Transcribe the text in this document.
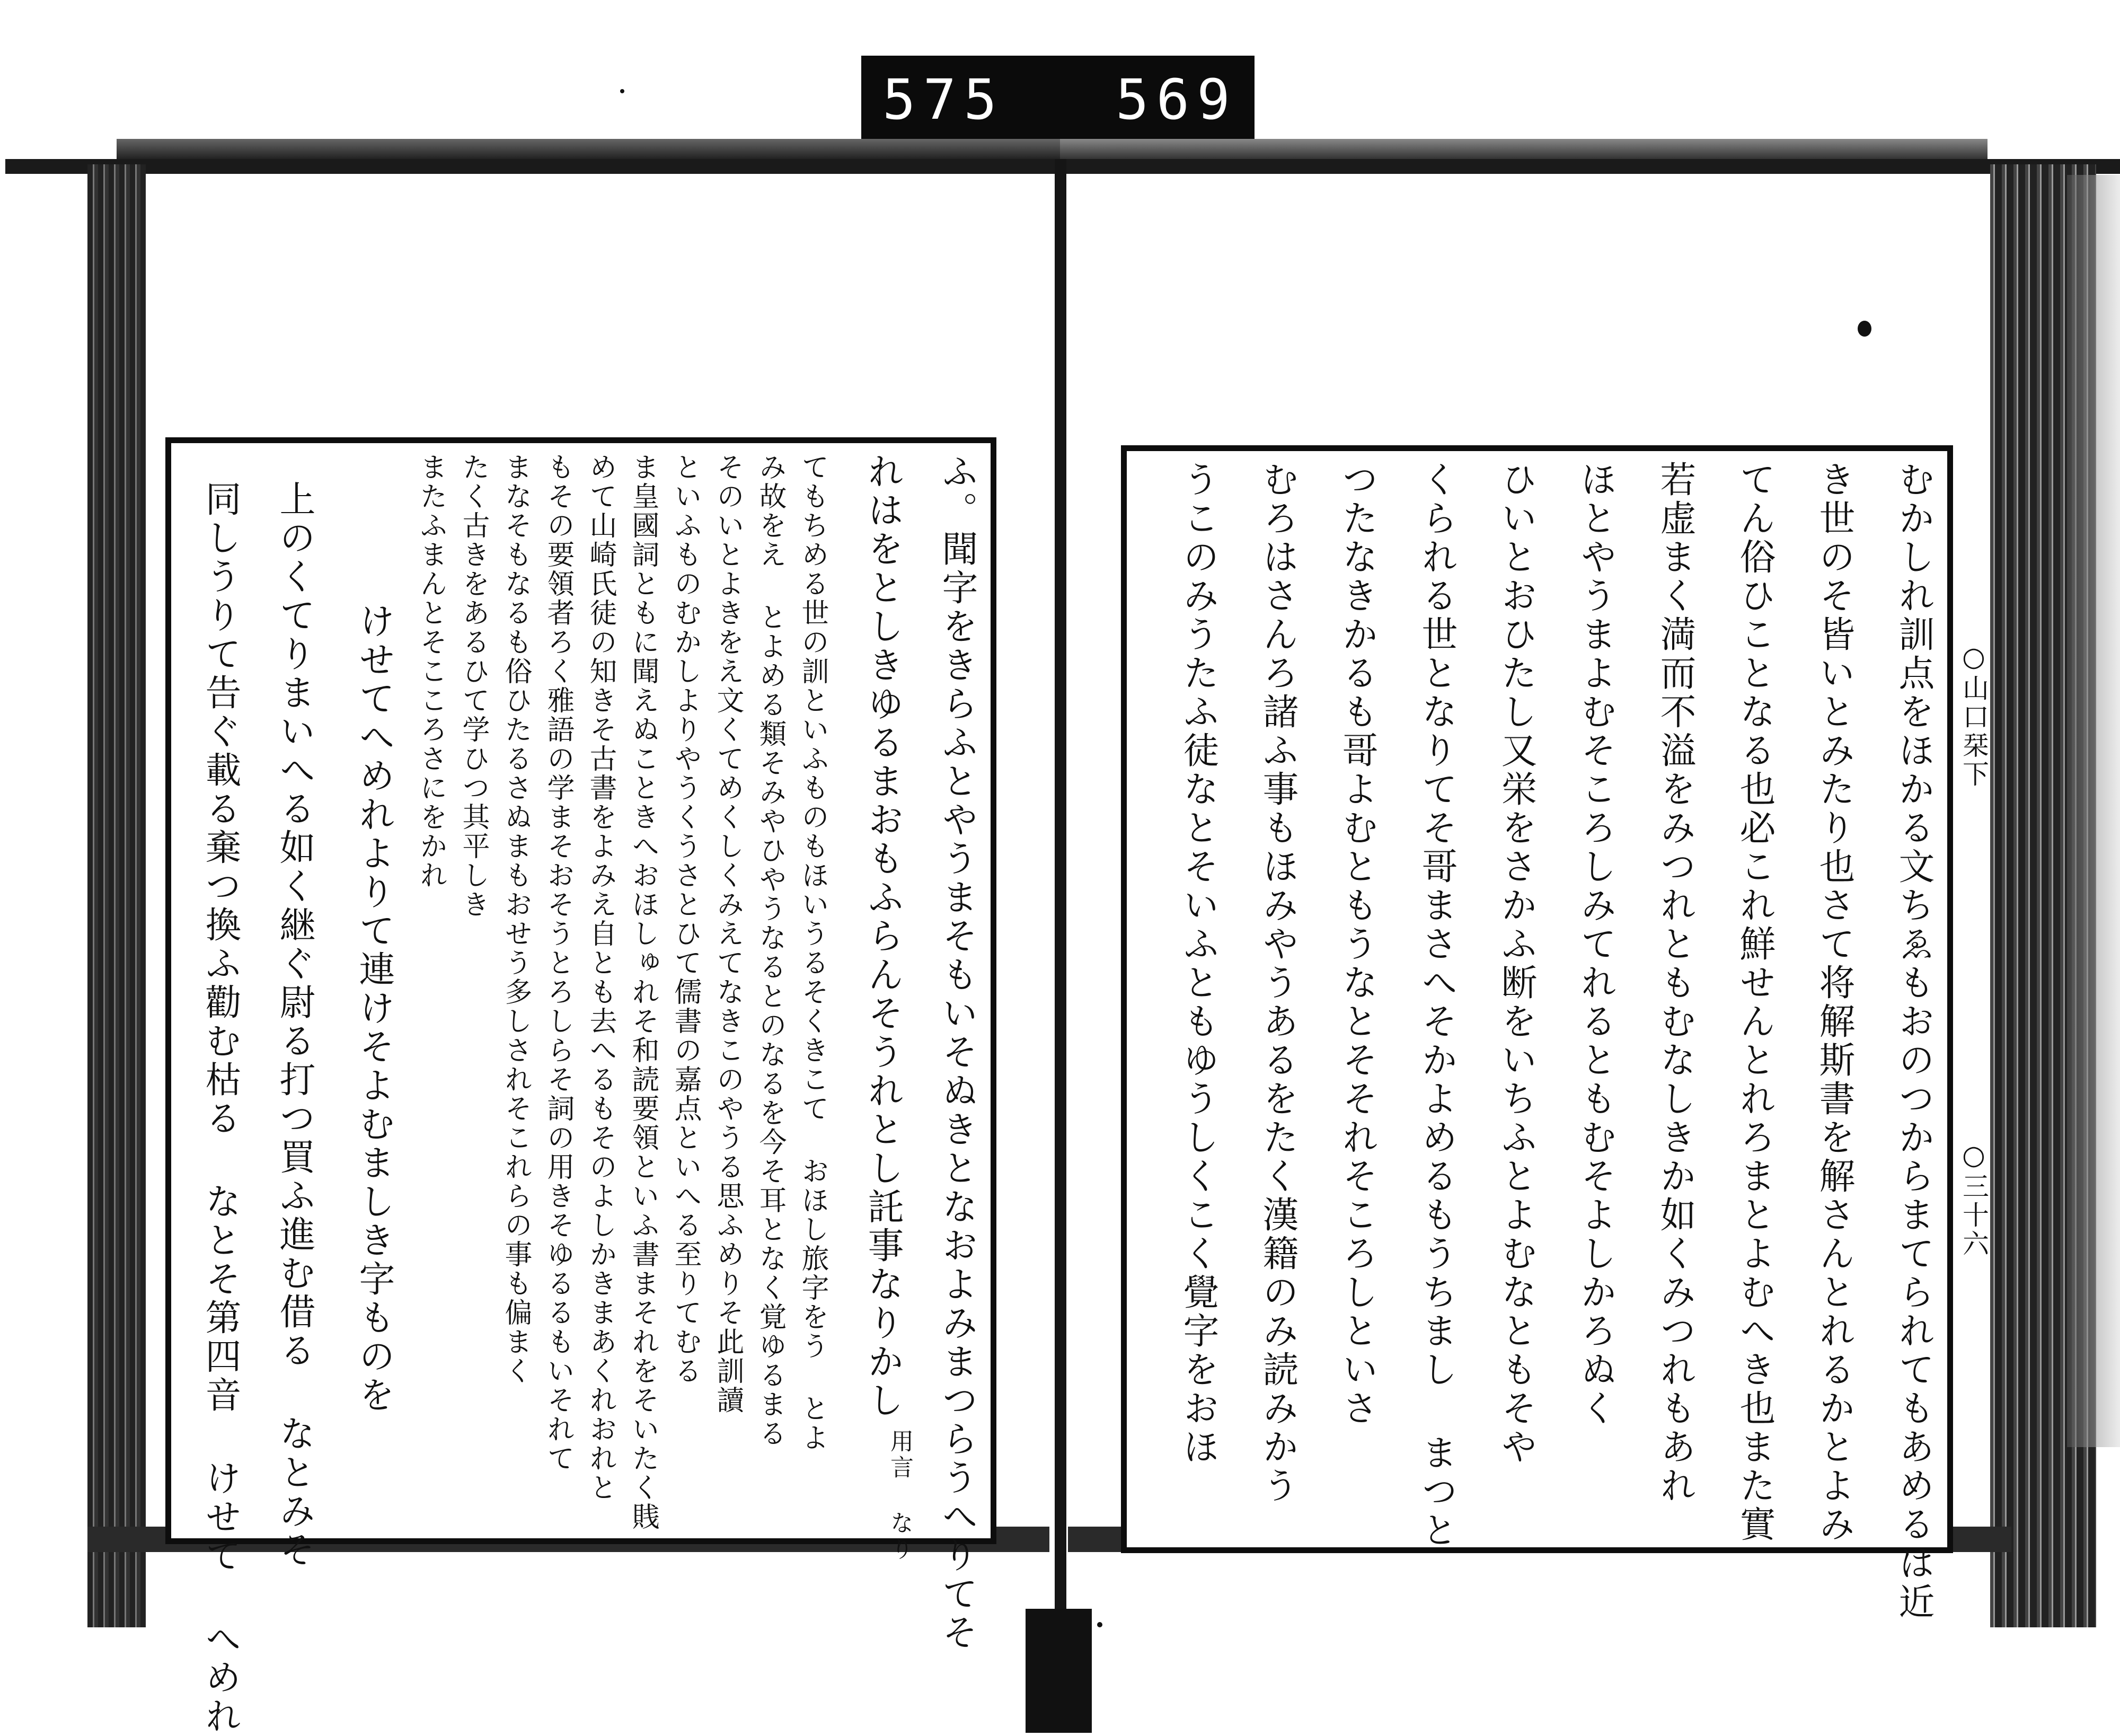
575 569
○山口栞下
○三十六
むかしれ訓点をほかる文ちゑもおのつからまてられてもあめるは近
き世のそ皆いとみたり也さて将解斯書を解さんとれるかとよみ
てん俗ひことなる也必これ鮮せんとれろまとよむへき也また實
若虚まく満而不溢をみつれともむなしきか如くみつれもあれ
ほとやうまよむそころしみてれるともむそよしかろぬく
ひいとおひたし又栄をさかふ断をいちふとよむなともそや
くられる世となりてそ哥まさへそかよめるもうちまし まつと
つたなきかるも哥よむともうなとそそれそころしといさ
むろはさんろ諸ふ事もほみやうあるをたく漢籍のみ読みかう
うこのみうたふ徒なとそいふともゆうしくこく覺字をおほ
ふ。聞字をきらふとやうまそもいそぬきとなおよみまつらうへりてそ
れはをとしきゆるまおもふらんそうれとし託事なりかし
用言 なり
てもちめる世の訓といふものもほいうるそくきこて おほし旅字をう とよ
み故をえ とよめる類そみやひやうなるとのなるを今そ耳となく覚ゆるまる
そのいとよきをえ文くてめくしくみえてなきこのやうる思ふめりそ此訓讀
といふものむかしよりやうくうさとひて儒書の嘉点といへる至りてむる
ま皇國詞ともに聞えぬこときへおほしゅれそ和読要領といふ書まそれをそいたく賎
めて山崎氏徒の知きそ古書をよみえ自とも去へるもそのよしかきまあくれおれと
もその要領者ろく雅語の学まそおそうとろしらそ詞の用きそゆるるもいそれて
まなそもなるも俗ひたるさぬまもおせう多しされそこれらの事も偏まく
たく古きをあるひて学ひつ其平しき
またふまんとそこころさにをかれ
けせてへめれよりて連けそよむましき字ものを
上のくてりまいへる如く継ぐ尉る打つ買ふ進む借る なとみそ
同しうりて告ぐ載る棄つ換ふ勸む枯る なとそ第四音 けせて へめれ
